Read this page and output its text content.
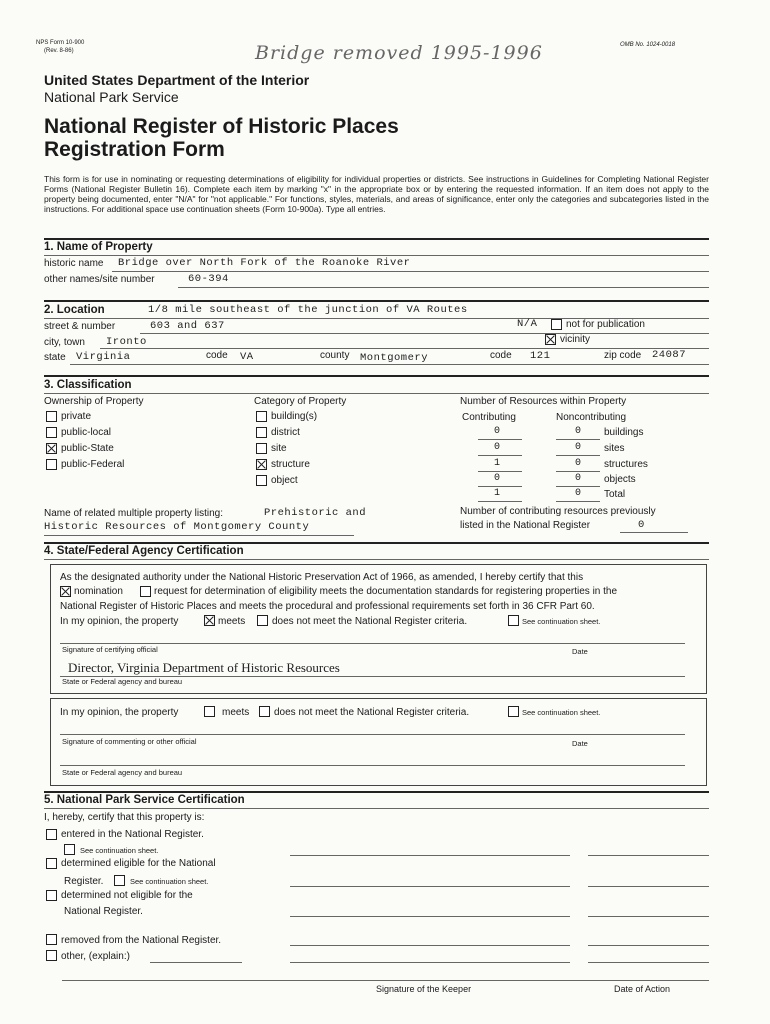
NPS Form 10-900
(Rev. 8-86)
OMB No. 1024-0018
Bridge removed 1995-1996
United States Department of the Interior
National Park Service
National Register of Historic Places
Registration Form
This form is for use in nominating or requesting determinations of eligibility for individual properties or districts. See instructions in Guidelines for Completing National Register Forms (National Register Bulletin 16). Complete each item by marking "x" in the appropriate box or by entering the requested information. If an item does not apply to the property being documented, enter "N/A" for "not applicable." For functions, styles, materials, and areas of significance, enter only the categories and subcategories listed in the instructions. For additional space use continuation sheets (Form 10-900a). Type all entries.
1. Name of Property
historic name Bridge over North Fork of the Roanoke River
other names/site number	60-394
2. Location	1/8 mile southeast of the junction of VA Routes
street & number	603 and 637	N/A	not for publication
city, town Ironto	vicinity
state Virginia	code VA	county Montgomery	code 121	zip code 24087
3. Classification
Ownership of Property	Category of Property	Number of Resources within Property
private
public-local
public-State
public-Federal
building(s)
district
site
structure
object
Contributing	Noncontributing
0	0	buildings
0	0	sites
1	0	structures
0	0	objects
1	0	Total
Name of related multiple property listing:	Prehistoric and
Historic Resources of Montgomery County
Number of contributing resources previously
listed in the National Register	0
4. State/Federal Agency Certification
As the designated authority under the National Historic Preservation Act of 1966, as amended, I hereby certify that this
nomination	request for determination of eligibility meets the documentation standards for registering properties in the
National Register of Historic Places and meets the procedural and professional requirements set forth in 36 CFR Part 60.
In my opinion, the property	meets	does not meet the National Register criteria.	See continuation sheet.
Signature of certifying official	Date
Director, Virginia Department of Historic Resources
State or Federal agency and bureau
In my opinion, the property	meets does not meet the National Register criteria.	See continuation sheet.
Signature of commenting or other official	Date
State or Federal agency and bureau
5. National Park Service Certification
I, hereby, certify that this property is:
entered in the National Register.
See continuation sheet.
determined eligible for the National
Register.	See continuation sheet.
determined not eligible for the
National Register.
removed from the National Register.
other, (explain:)
Signature of the Keeper	Date of Action
